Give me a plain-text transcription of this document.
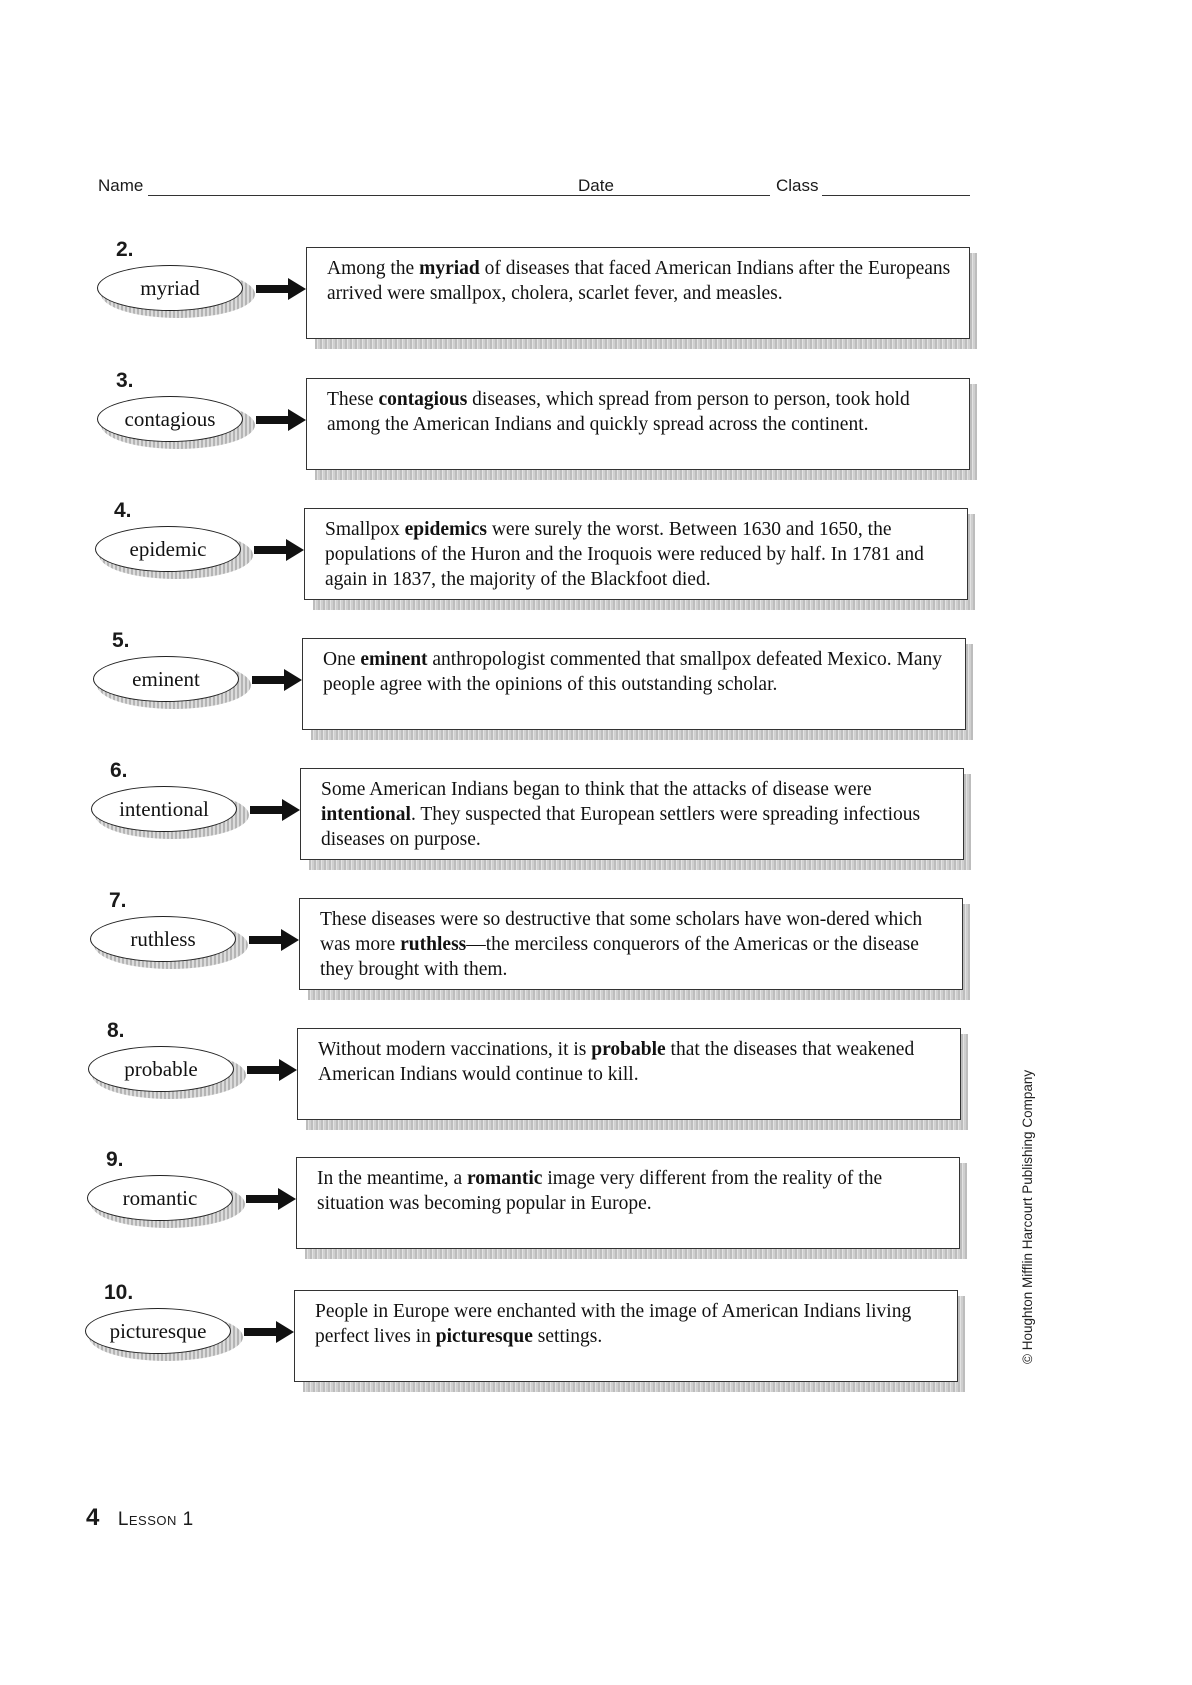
Name	Date	Class
2.
myriad
Among the myriad of diseases that faced American Indians after the Europeans arrived were smallpox, cholera, scarlet fever, and measles.
3.
contagious
These contagious diseases, which spread from person to person, took hold among the American Indians and quickly spread across the continent.
4.
epidemic
Smallpox epidemics were surely the worst. Between 1630 and 1650, the populations of the Huron and the Iroquois were reduced by half. In 1781 and again in 1837, the majority of the Blackfoot died.
5.
eminent
One eminent anthropologist commented that smallpox defeated Mexico. Many people agree with the opinions of this outstanding scholar.
6.
intentional
Some American Indians began to think that the attacks of disease were intentional. They suspected that European settlers were spreading infectious diseases on purpose.
7.
ruthless
These diseases were so destructive that some scholars have won-dered which was more ruthless—the merciless conquerors of the Americas or the disease they brought with them.
8.
probable
Without modern vaccinations, it is probable that the diseases that weakened American Indians would continue to kill.
9.
romantic
In the meantime, a romantic image very different from the reality of the situation was becoming popular in Europe.
10.
picturesque
People in Europe were enchanted with the image of American Indians living perfect lives in picturesque settings.
4 Lesson 1
© Houghton Mifflin Harcourt Publishing Company
